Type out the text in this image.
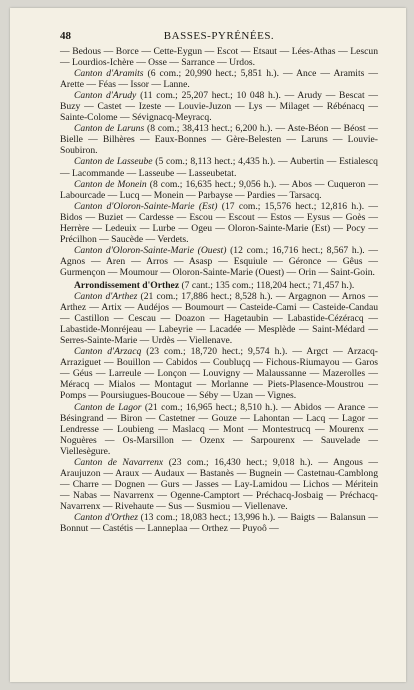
48	BASSES-PYRÉNÉES.

— Bedous — Borce — Cette-Eygun — Escot — Etsaut — Lées-Athas — Lescun — Lourdios-Ichère — Osse — Sarrance — Urdos.

Canton d'Aramits (6 com.; 20,990 hect.; 5,851 h.). — Ance — Aramits — Arette — Féas — Issor — Lanne.

Canton d'Arudy (11 com.; 25,207 hect.; 10 048 h.). — Arudy — Bescat — Buzy — Castet — Izeste — Louvie-Juzon — Lys — Milaget — Rébénacq — Sainte-Colome — Sévignacq-Meyracq.

Canton de Laruns (8 com.; 38,413 hect.; 6,200 h.). — Aste-Béon — Béost — Bielle — Bilhères — Eaux-Bonnes — Gère-Belesten — Laruns — Louvie-Soubiron.

Canton de Lasseube (5 com.; 8,113 hect.; 4,435 h.). — Aubertin — Estialescq — Lacommande — Lasseube — Lasseubetat.

Canton de Monein (8 com.; 16,635 hect.; 9,056 h.). — Abos — Cuqueron — Labourcade — Lucq — Monein — Parbayse — Pardies — Tarsacq.

Canton d'Oloron-Sainte-Marie (Est) (17 com.; 15,576 hect.; 12,816 h.). — Bidos — Buziet — Cardesse — Escou — Escout — Estos — Eysus — Goès — Herrère — Ledeuix — Lurbe — Ogeu — Oloron-Sainte-Marie (Est) — Pocy — Précilhon — Saucède — Verdets.

Canton d'Oloron-Sainte-Marie (Ouest) (12 com.; 16,716 hect.; 8,567 h.). — Agnos — Aren — Arros — Asasp — Esquiule — Géronce — Gêus — Gurmençon — Moumour — Oloron-Sainte-Marie (Ouest) — Orin — Saint-Goin.

Arrondissement d'Orthez (7 cant.; 135 com.; 118,204 hect.; 71,457 h.).

Canton d'Arthez (21 com.; 17,886 hect.; 8,528 h.). — Argagnon — Arnos — Arthez — Artix — Audéjos — Boumourt — Casteide-Cami — Casteide-Candau — Castillon — Cescau — Doazon — Hagetaubin — Labastide-Cézéracq — Labastide-Monréjeau — Labeyrie — Lacadée — Mesplède — Saint-Médard — Serres-Sainte-Marie — Urdès — Viellenave.

Canton d'Arzacq (23 com.; 18,720 hect.; 9,574 h.). — Argct — Arzacq-Arraziguet — Bouillon — Cabidos — Coubluçq — Fichous-Riumayou — Garos — Géus — Larreule — Lonçon — Louvigny — Malaussanne — Mazerolles — Méracq — Mialos — Montagut — Morlanne — Piets-Plasence-Moustrou — Pomps — Poursiugues-Boucoue — Séby — Uzan — Vignes.

Canton de Lagor (21 com.; 16,965 hect.; 8,510 h.). — Abidos — Arance — Bésingrand — Biron — Castetner — Gouze — Lahontan — Lacq — Lagor — Lendresse — Loubieng — Maslacq — Mont — Montestrucq — Mourenx — Noguères — Os-Marsillon — Ozenx — Sarpourenx — Sauvelade — Viellesègure.

Canton de Navarrenx (23 com.; 16,430 hect.; 9,018 h.). — Angous — Araujuzon — Araux — Audaux — Bastanès — Bugnein — Castetnau-Camblong — Charre — Dognen — Gurs — Jasses — Lay-Lamidou — Lichos — Méritein — Nabas — Navarrenx — Ogenne-Camptort — Préchacq-Josbaig — Préchacq-Navarrenx — Rivehaute — Sus — Susmiou — Viellenave.

Canton d'Orthez (13 com.; 18,083 hect.; 13,996 h.). — Baigts — Balansun — Bonnut — Castétis — Lanneplaa — Orthez — Puyoô —
